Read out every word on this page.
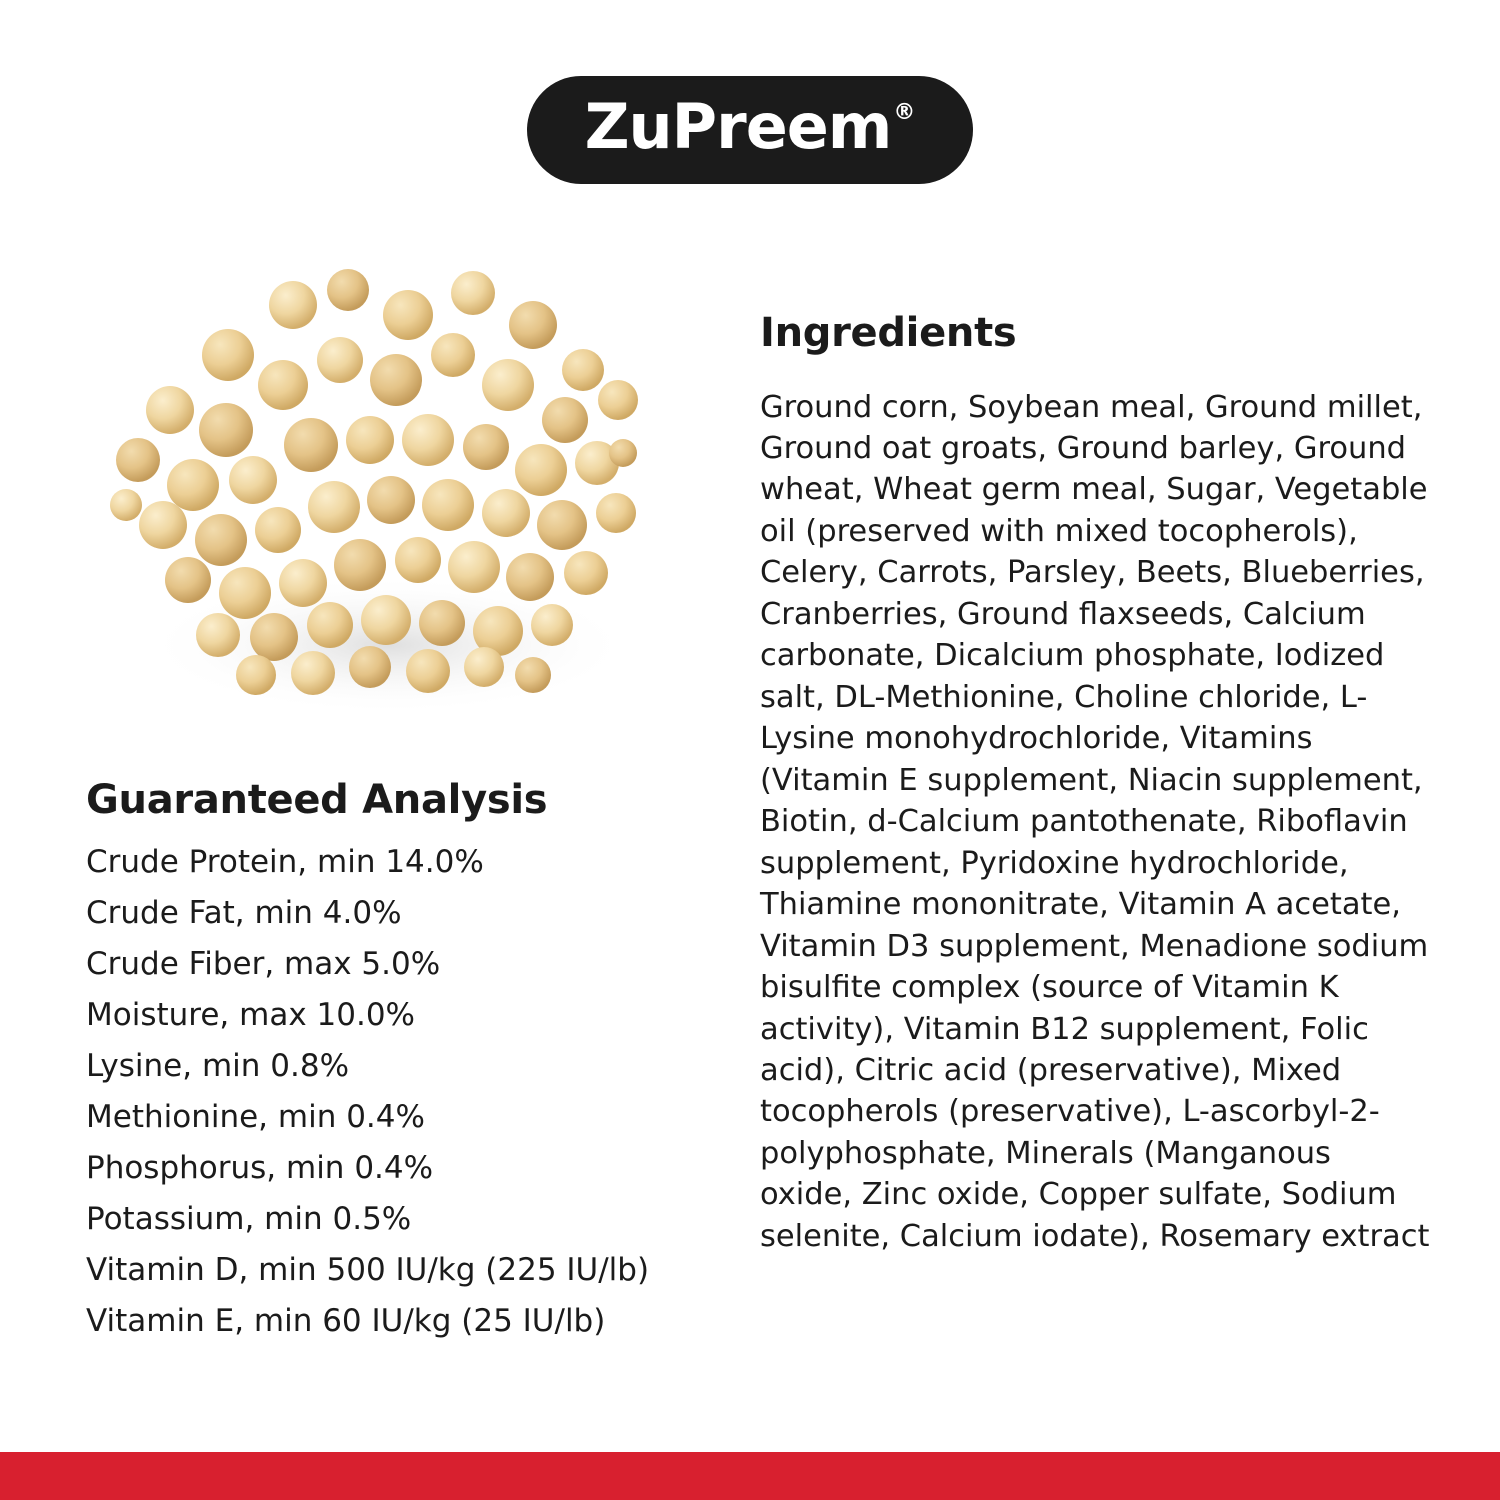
ZuPreem ®
Guaranteed Analysis
Crude Protein, min 14.0%
Crude Fat, min 4.0%
Crude Fiber, max 5.0%
Moisture, max 10.0%
Lysine, min 0.8%
Methionine, min 0.4%
Phosphorus, min 0.4%
Potassium, min 0.5%
Vitamin D, min 500 IU/kg (225 IU/lb)
Vitamin E, min 60 IU/kg (25 IU/lb)
Ingredients

Ground corn, Soybean meal, Ground millet, Ground oat groats, Ground barley, Ground wheat, Wheat germ meal, Sugar, Vegetable oil (preserved with mixed tocopherols), Celery, Carrots, Parsley, Beets, Blueberries, Cranberries, Ground flaxseeds, Calcium carbonate, Dicalcium phosphate, Iodized salt, DL-Methionine, Choline chloride, L-Lysine monohydrochloride, Vitamins (Vitamin E supplement, Niacin supplement, Biotin, d-Calcium pantothenate, Riboflavin supplement, Pyridoxine hydrochloride, Thiamine mononitrate, Vitamin A acetate, Vitamin D3 supplement, Menadione sodium bisulfite complex (source of Vitamin K activity), Vitamin B12 supplement, Folic acid), Citric acid (preservative), Mixed tocopherols (preservative), L-ascorbyl-2-polyphosphate, Minerals (Manganous oxide, Zinc oxide, Copper sulfate, Sodium selenite, Calcium iodate), Rosemary extract
